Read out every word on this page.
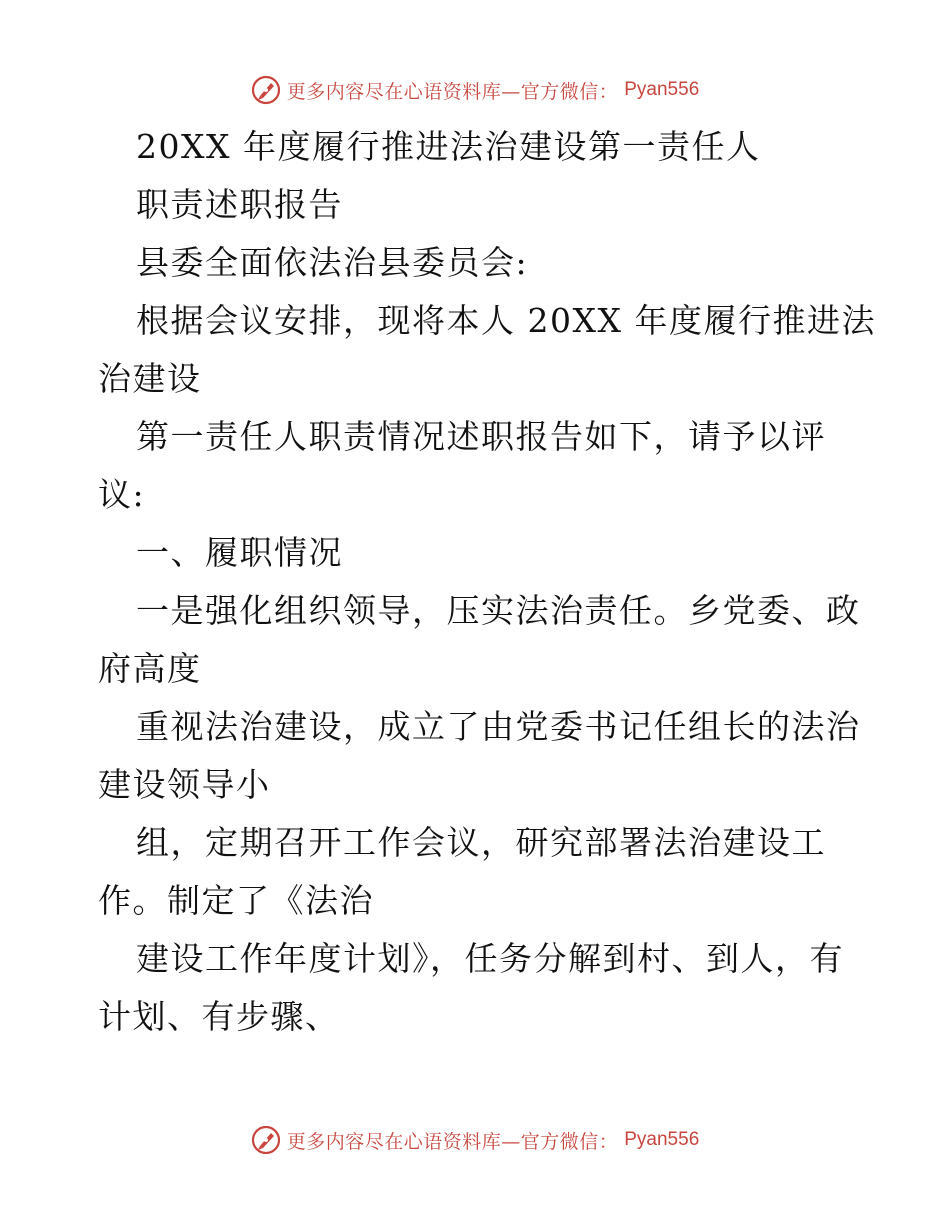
更多内容尽在心语资料库—官方微信： Pyan556
20XX 年度履行推进法治建设第一责任人
职责述职报告
县委全面依法治县委员会:
根据会议安排，现将本人 20XX 年度履行推进法
治建设
第一责任人职责情况述职报告如下，请予以评
议:
一、履职情况
一是强化组织领导，压实法治责任。乡党委、政
府高度
重视法治建设，成立了由党委书记任组长的法治
建设领导小
组，定期召开工作会议，研究部署法治建设工
作。制定了《法治
建设工作年度计划》，任务分解到村、到人，有
计划、有步骤、
更多内容尽在心语资料库—官方微信： Pyan556
